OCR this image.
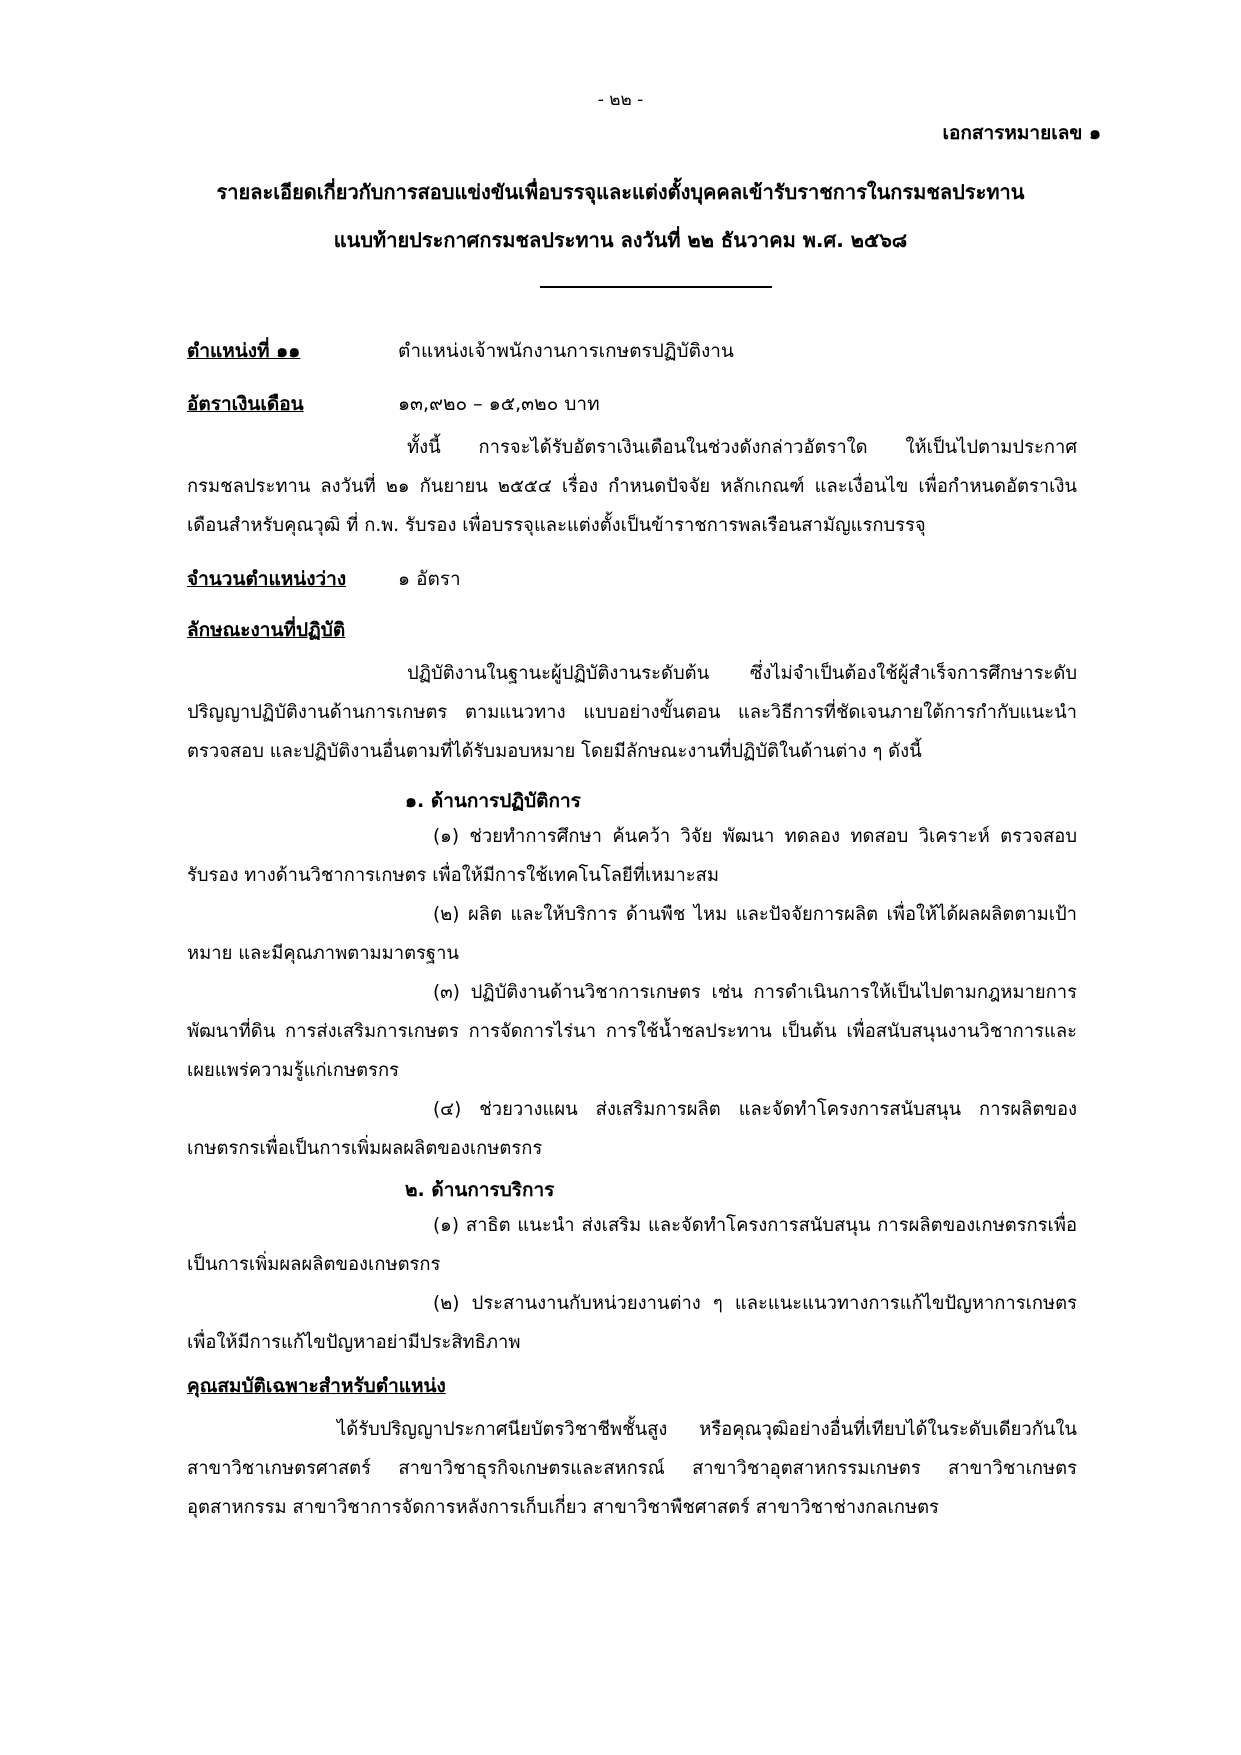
- ๒๒ -
เอกสารหมายเลข ๑
รายละเอียดเกี่ยวกับการสอบแข่งขันเพื่อบรรจุและแต่งตั้งบุคคลเข้ารับราชการในกรมชลประทาน
แนบท้ายประกาศกรมชลประทาน ลงวันที่ ๒๒ ธันวาคม พ.ศ. ๒๕๖๘
ตำแหน่งที่ ๑๑	ตำแหน่งเจ้าพนักงานการเกษตรปฏิบัติงาน
อัตราเงินเดือน	๑๓,๙๒๐ – ๑๕,๓๒๐ บาท
ทั้งนี้ การจะได้รับอัตราเงินเดือนในช่วงดังกล่าวอัตราใด ให้เป็นไปตามประกาศกรมชลประทาน ลงวันที่ ๒๑ กันยายน ๒๕๕๔ เรื่อง กำหนดปัจจัย หลักเกณฑ์ และเงื่อนไข เพื่อกำหนดอัตราเงินเดือนสำหรับคุณวุฒิ ที่ ก.พ. รับรอง เพื่อบรรจุและแต่งตั้งเป็นข้าราชการพลเรือนสามัญแรกบรรจุ
จำนวนตำแหน่งว่าง	๑ อัตรา
ลักษณะงานที่ปฏิบัติ
ปฏิบัติงานในฐานะผู้ปฏิบัติงานระดับต้น ซึ่งไม่จำเป็นต้องใช้ผู้สำเร็จการศึกษาระดับปริญญาปฏิบัติงานด้านการเกษตร ตามแนวทาง แบบอย่างขั้นตอน และวิธีการที่ชัดเจนภายใต้การกำกับแนะนำ ตรวจสอบ และปฏิบัติงานอื่นตามที่ได้รับมอบหมาย โดยมีลักษณะงานที่ปฏิบัติในด้านต่าง ๆ ดังนี้
๑. ด้านการปฏิบัติการ
(๑) ช่วยทำการศึกษา ค้นคว้า วิจัย พัฒนา ทดลอง ทดสอบ วิเคราะห์ ตรวจสอบรับรอง ทางด้านวิชาการเกษตร เพื่อให้มีการใช้เทคโนโลยีที่เหมาะสม
(๒) ผลิต และให้บริการ ด้านพืช ไหม และปัจจัยการผลิต เพื่อให้ได้ผลผลิตตามเป้าหมาย และมีคุณภาพตามมาตรฐาน
(๓) ปฏิบัติงานด้านวิชาการเกษตร เช่น การดำเนินการให้เป็นไปตามกฎหมายการพัฒนาที่ดิน การส่งเสริมการเกษตร การจัดการไร่นา การใช้น้ำชลประทาน เป็นต้น เพื่อสนับสนุนงานวิชาการและเผยแพร่ความรู้แก่เกษตรกร
(๔) ช่วยวางแผน ส่งเสริมการผลิต และจัดทำโครงการสนับสนุน การผลิตของเกษตรกรเพื่อเป็นการเพิ่มผลผลิตของเกษตรกร
๒. ด้านการบริการ
(๑) สาธิต แนะนำ ส่งเสริม และจัดทำโครงการสนับสนุน การผลิตของเกษตรกรเพื่อเป็นการเพิ่มผลผลิตของเกษตรกร
(๒) ประสานงานกับหน่วยงานต่าง ๆ และแนะแนวทางการแก้ไขปัญหาการเกษตรเพื่อให้มีการแก้ไขปัญหาอย่ามีประสิทธิภาพ
คุณสมบัติเฉพาะสำหรับตำแหน่ง
ได้รับปริญญาประกาศนียบัตรวิชาชีพชั้นสูง หรือคุณวุฒิอย่างอื่นที่เทียบได้ในระดับเดียวกันในสาขาวิชาเกษตรศาสตร์ สาขาวิชาธุรกิจเกษตรและสหกรณ์ สาขาวิชาอุตสาหกรรมเกษตร สาขาวิชาเกษตรอุตสาหกรรม สาขาวิชาการจัดการหลังการเก็บเกี่ยว สาขาวิชาพืชศาสตร์ สาขาวิชาช่างกลเกษตร
